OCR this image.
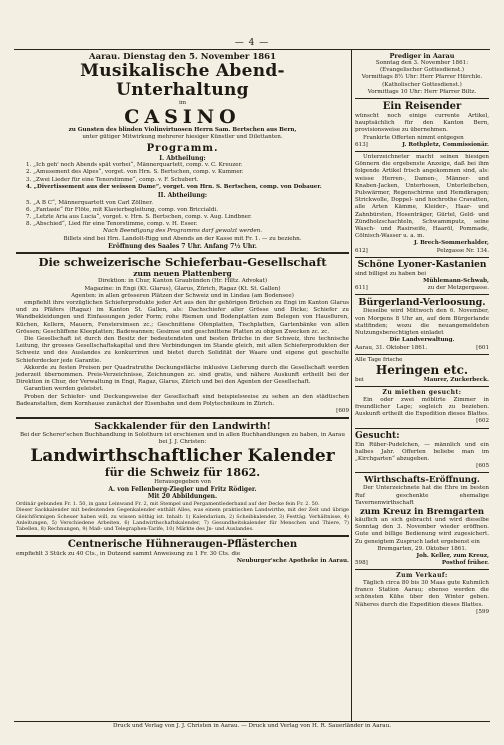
— 4 —
Aarau. Dienstag den 5. November 1861
Musikalische Abend-Unterhaltung
im
CASINO
zu Gunsten des blinden Violinvirtuosen Herrn Sam. Bertschen aus Bern,
unter gütiger Mitwirkung mehrerer hiesiger Künstler und Dilettanten.
Programm.
I. Abtheilung:
1. „Ich geh' noch Abends spät vorbei“, Männerquartett, comp. v. C. Kreuzer.
2. „Amusement des Alpes“, vorget. von Hrn. S. Bertschen, comp. v. Kummer.
3. „Zwei Lieder für eine Tenorstimme“, comp. v. F. Schubert.
4. „Divertissement aus der weissen Dame“, vorget. von Hrn. S. Bertschen, comp. von Dobauer.
II. Abtheilung:
5. „A B C“, Männerquartett von Carl Zöllner.
6. „Fantasie“ für Flöte, mit Klavierbegleitung, comp. von Briccialdi.
7. „Letzte Aria aus Lucia“, vorget. v. Hrn. S. Bertschen, comp. v. Aug. Lindbner.
8. „Abschied“, Lied für eine Tenorstimme, comp. v. H. Esser.
Nach Beendigung des Programms darf gewalzt werden.
Billets sind bei Hrn. Landolt-Rigg und Abends an der Kasse mit Fr. 1. — zu beziehn.
Eröffnung des Saales 7 Uhr. Anfang 7½ Uhr.
Die schweizerische Schieferbau-Gesellschaft
zum neuen Plattenberg
Direktion: in Chur, Kanton Graubünden (Hr. Hiltz. Advokat)
Magazine: in Engi (Kt. Glarus), Glarus, Zürich, Ragaz (Kt. St. Gallen)
Agenten: in allen grösseren Plätzen der Schweiz und in Lindau (am Bodensee)
empfiehlt ihre vorzüglichen Schieferprodukte jeder Art aus den ihr gehörigen Brüchen zu Engi im Kanton Glarus und zu Pfäfers (Ragaz) im Kanton St. Gallen, als: Dachschiefer aller Grösse und Dicke; Schiefer zu Wandbekleidungen und Einfassungen jeder Form; rohe Riemen und Bodenplatten zum Belegen von Hausfluren, Küchen, Kellern, Mauern, Fenstersimsen zc.; Geschnittene Ofenplatten, Tischplatten, Gartenbänke von allen Grössen; Geschliffene Kleeplatten; Badewannen; Gesimse und geschnittene Platten zu obigen Zwecken zc. zc.
Die Gesellschaft ist durch den Besitz der bedeutendsten und besten Brüche in der Schweiz, ihre technische Leitung, ihr grosses Gesellschaftskapital und ihre Verbindungen im Stande gleich, mit allen Schieferprodukten der Schweiz und des Auslandes zu konkurriren und bietet durch Solidität der Waare und eigene gut geschulte Schieferdecker jede Garantie.
Akkorde zu festen Preisen per Quadratruthe Deckungsfläche inklusive Lieferung durch die Gesellschaft werden jederzeit übernommen. Preis-Verzeichnisse, Zeichnungen zc. sind gratis, und nähere Auskunft ertheilt bei der Direktion in Chur, der Verwaltung in Engi, Ragaz, Glarus, Zürich und bei den Agenten der Gesellschaft.
Garantien werden geleistet.
Proben der Schiefer- und Deckungsweise der Gesellschaft sind beispielsweise zu sehen an den städtischen Badeanstalten, dem Kornhause zunächst der Eisenbahn und dem Polytechnikum in Zürich.
[609
Sackkalender für den Landwirth!
Bei der Scherer'schen Buchhandlung in Solothurn ist erschienen und in allen Buchhandlungen zu haben, in Aarau bei J. J. Christen:
Landwirthschaftlicher Kalender
für die Schweiz für 1862.
Herausgegeben von
A. von Fellenberg-Ziegler und Fritz Rödiger.
Mit 20 Abbildungen.
Ordinär gebunden Fr. 1. 50, in ganz Leinwand Fr. 2, mit Stempel und Pergamentlederband auf der Decke fein Fr. 2. 50.
Dieser Sackkalender mit bedeutenden Gegenkalender enthält Alles, was einem praktischen Landwirthe, mit der Zeit und übrige Gleichförmigen Scheuer haben will, zu wissen nöthig ist. Inhalt: 1) Kalendarium, 2) Scheibkalender, 3) Festtäg. Verhältnisse, 4) Anleitungen, 5) Verschiedene Arbeiten, 6) Landwirthschaftskalender, 7) Gesundheitskalender für Menschen und Thiere, 7) Tabellen, 8) Rechnungen, 9) Maß- und Telegraphen-Tarife, 10) Märkte des Jn- und Auslandes.
Centnerische Hühneraugen-Pflästerchen
empfiehlt 3 Stück zu 40 Cts., in Dutzend sammt Anweisung zu 1 Fr. 30 Cts. die
Neuburger'sche Apotheke in Aarau.
Prediger in Aarau
Sonntag den 3. November 1861:
(Evangelischer Gottesdienst.)
Vormittags 8½ Uhr: Herr Pfarrer Hürchle.
(Katholischer Gottesdienst.)
Vormittags 10 Uhr: Herr Pfarrer Biltz.
Ein Reisender
wünscht noch einige currente Artikel, hauptsächlich für den Kanton Bern, provisionsweise zu übernehmen.
Frankirte Offerten nimmt entgegen
613]	J. Rothpletz, Commissionär.
Unterzeichneter macht seinen hiesigen Gönnern die ergebenste Anzeige, daß bei ihm folgende Artikel frisch angekommen sind, als: weisse Herren-, Damen-, Männer- und Knaben-Jacken, Unterhosen, Unterleibchen, Pulswärmer, Regenschirme und Hemdkragen; Strickwolle, Doppel- und hochrothe Cravatten, alle Arten Kämme, Kleider-, Haar- und Zahnbürsten, Hosenträger, Gürtel, Geld- und Zündholzschachteln, Schwammputz, seine Wasch- und Rasirseife, Haaröl, Pommade, Cölnisch-Wasser u. a. m.
J. Brech-Sommerhalder,
612]	Pelzgasse Nr. 134.
Schöne Lyoner-Kastanien
sind billigst zu haben bei
Mühlemann-Schwab,
611]	zu der Metzgergasse.
Bürgerland-Verloosung.
Dieselbe wird Mittwoch den 6. November, von Morgens 8 Uhr an, auf dem Bürgerlande stattfinden; wozu die neuangemeldeten Nutzungsberechtigten einladet
Die Landverwaltung.
Aarau, 31. Oktober 1861.	[601
Alle Tage frische
Heringen etc.
bei	Maurer, Zuckerbeck.
Zu miethen gesucht:
Ein oder zwei möblirte Zimmer in freundlicher Lage; sogleich zu beziehen. Auskunft ertheilt die Expedition dieses Blattes.
[602
Gesucht:
Ein Rüber-Pudelchen, — männlich und ein halbes Jahr. Offerten beliebe man im „Kirchgarten“ abzugeben.
[605
Wirthschafts-Eröffnung.
Der Unterzeichnete hat die Ehre im besten Ruf geschenkte ehemalige Tavernenwirthschaft
zum Kreuz in Bremgarten
käuflich an sich gebracht und wird dieselbe Sonntag den 3. November wieder eröffnen. Gute und billige Bedienung wird zugesichert. Zu geneigtem Zuspruch ladet ergebenst ein
Bremgarten, 29. Oktober 1861.
Joh. Keller, zum Kreuz,
598]	Posthof früher.
Zum Verkauf:
Täglich circa 80 bis 30 Maas gute Kuhmilch franco Station Aarau; ebenso werden die schönsten Kühe über den Winter geben. Näheres durch die Expedition dieses Blattes.
[599
Druck und Verlag von J. J. Christen in Aarau. — Druck und Verlag von H. R. Sauerländer in Aarau.
